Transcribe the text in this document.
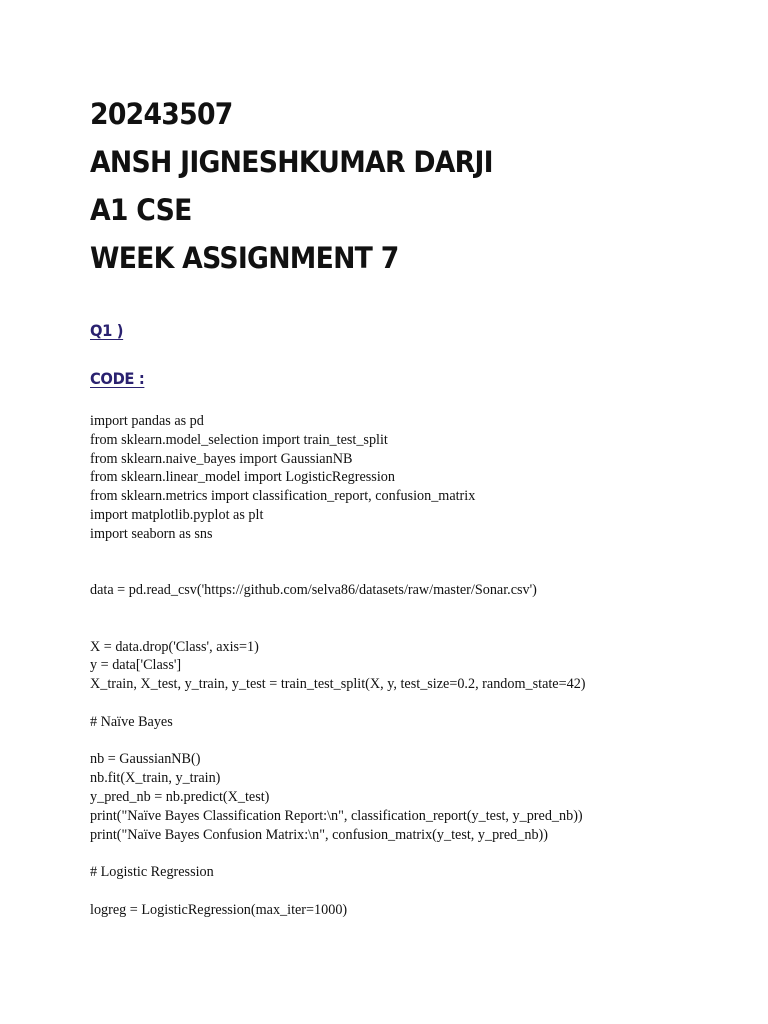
20243507
ANSH JIGNESHKUMAR DARJI
A1 CSE
WEEK ASSIGNMENT 7
Q1 )
CODE :
import pandas as pd
from sklearn.model_selection import train_test_split
from sklearn.naive_bayes import GaussianNB
from sklearn.linear_model import LogisticRegression
from sklearn.metrics import classification_report, confusion_matrix
import matplotlib.pyplot as plt
import seaborn as sns
data = pd.read_csv('https://github.com/selva86/datasets/raw/master/Sonar.csv')
X = data.drop('Class', axis=1)
y = data['Class']
X_train, X_test, y_train, y_test = train_test_split(X, y, test_size=0.2, random_state=42)
# Naïve Bayes
nb = GaussianNB()
nb.fit(X_train, y_train)
y_pred_nb = nb.predict(X_test)
print("Naïve Bayes Classification Report:\n", classification_report(y_test, y_pred_nb))
print("Naïve Bayes Confusion Matrix:\n", confusion_matrix(y_test, y_pred_nb))
# Logistic Regression
logreg = LogisticRegression(max_iter=1000)
